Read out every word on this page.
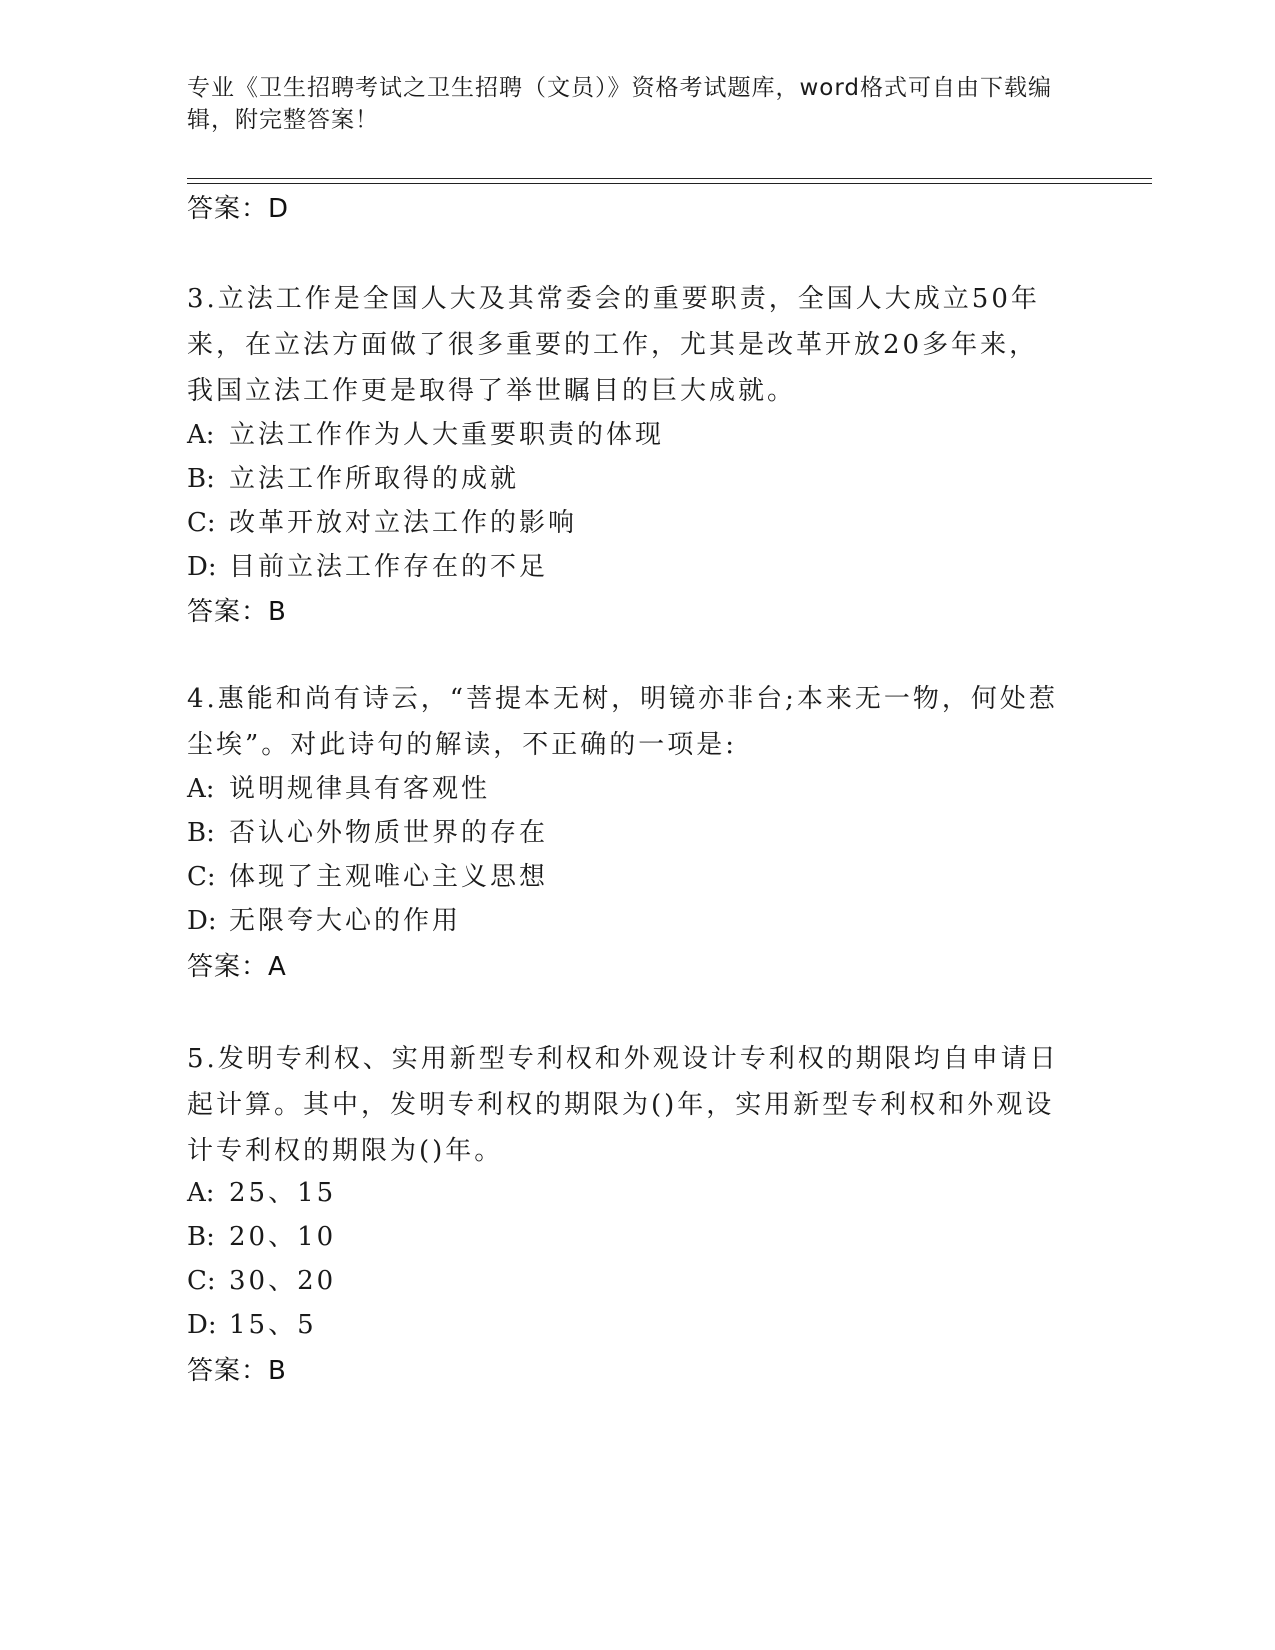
专业《卫生招聘考试之卫生招聘（文员）》资格考试题库，word格式可自由下载编辑，附完整答案！
答案：D
3.立法工作是全国人大及其常委会的重要职责，全国人大成立50年来，在立法方面做了很多重要的工作，尤其是改革开放20多年来，我国立法工作更是取得了举世瞩目的巨大成就。
A: 立法工作作为人大重要职责的体现
B: 立法工作所取得的成就
C: 改革开放对立法工作的影响
D: 目前立法工作存在的不足
答案：B
4.惠能和尚有诗云，“菩提本无树，明镜亦非台;本来无一物，何处惹尘埃”。对此诗句的解读，不正确的一项是:
A: 说明规律具有客观性
B: 否认心外物质世界的存在
C: 体现了主观唯心主义思想
D: 无限夸大心的作用
答案：A
5.发明专利权、实用新型专利权和外观设计专利权的期限均自申请日起计算。其中，发明专利权的期限为()年，实用新型专利权和外观设计专利权的期限为()年。
A: 25、15
B: 20、10
C: 30、20
D: 15、5
答案：B
